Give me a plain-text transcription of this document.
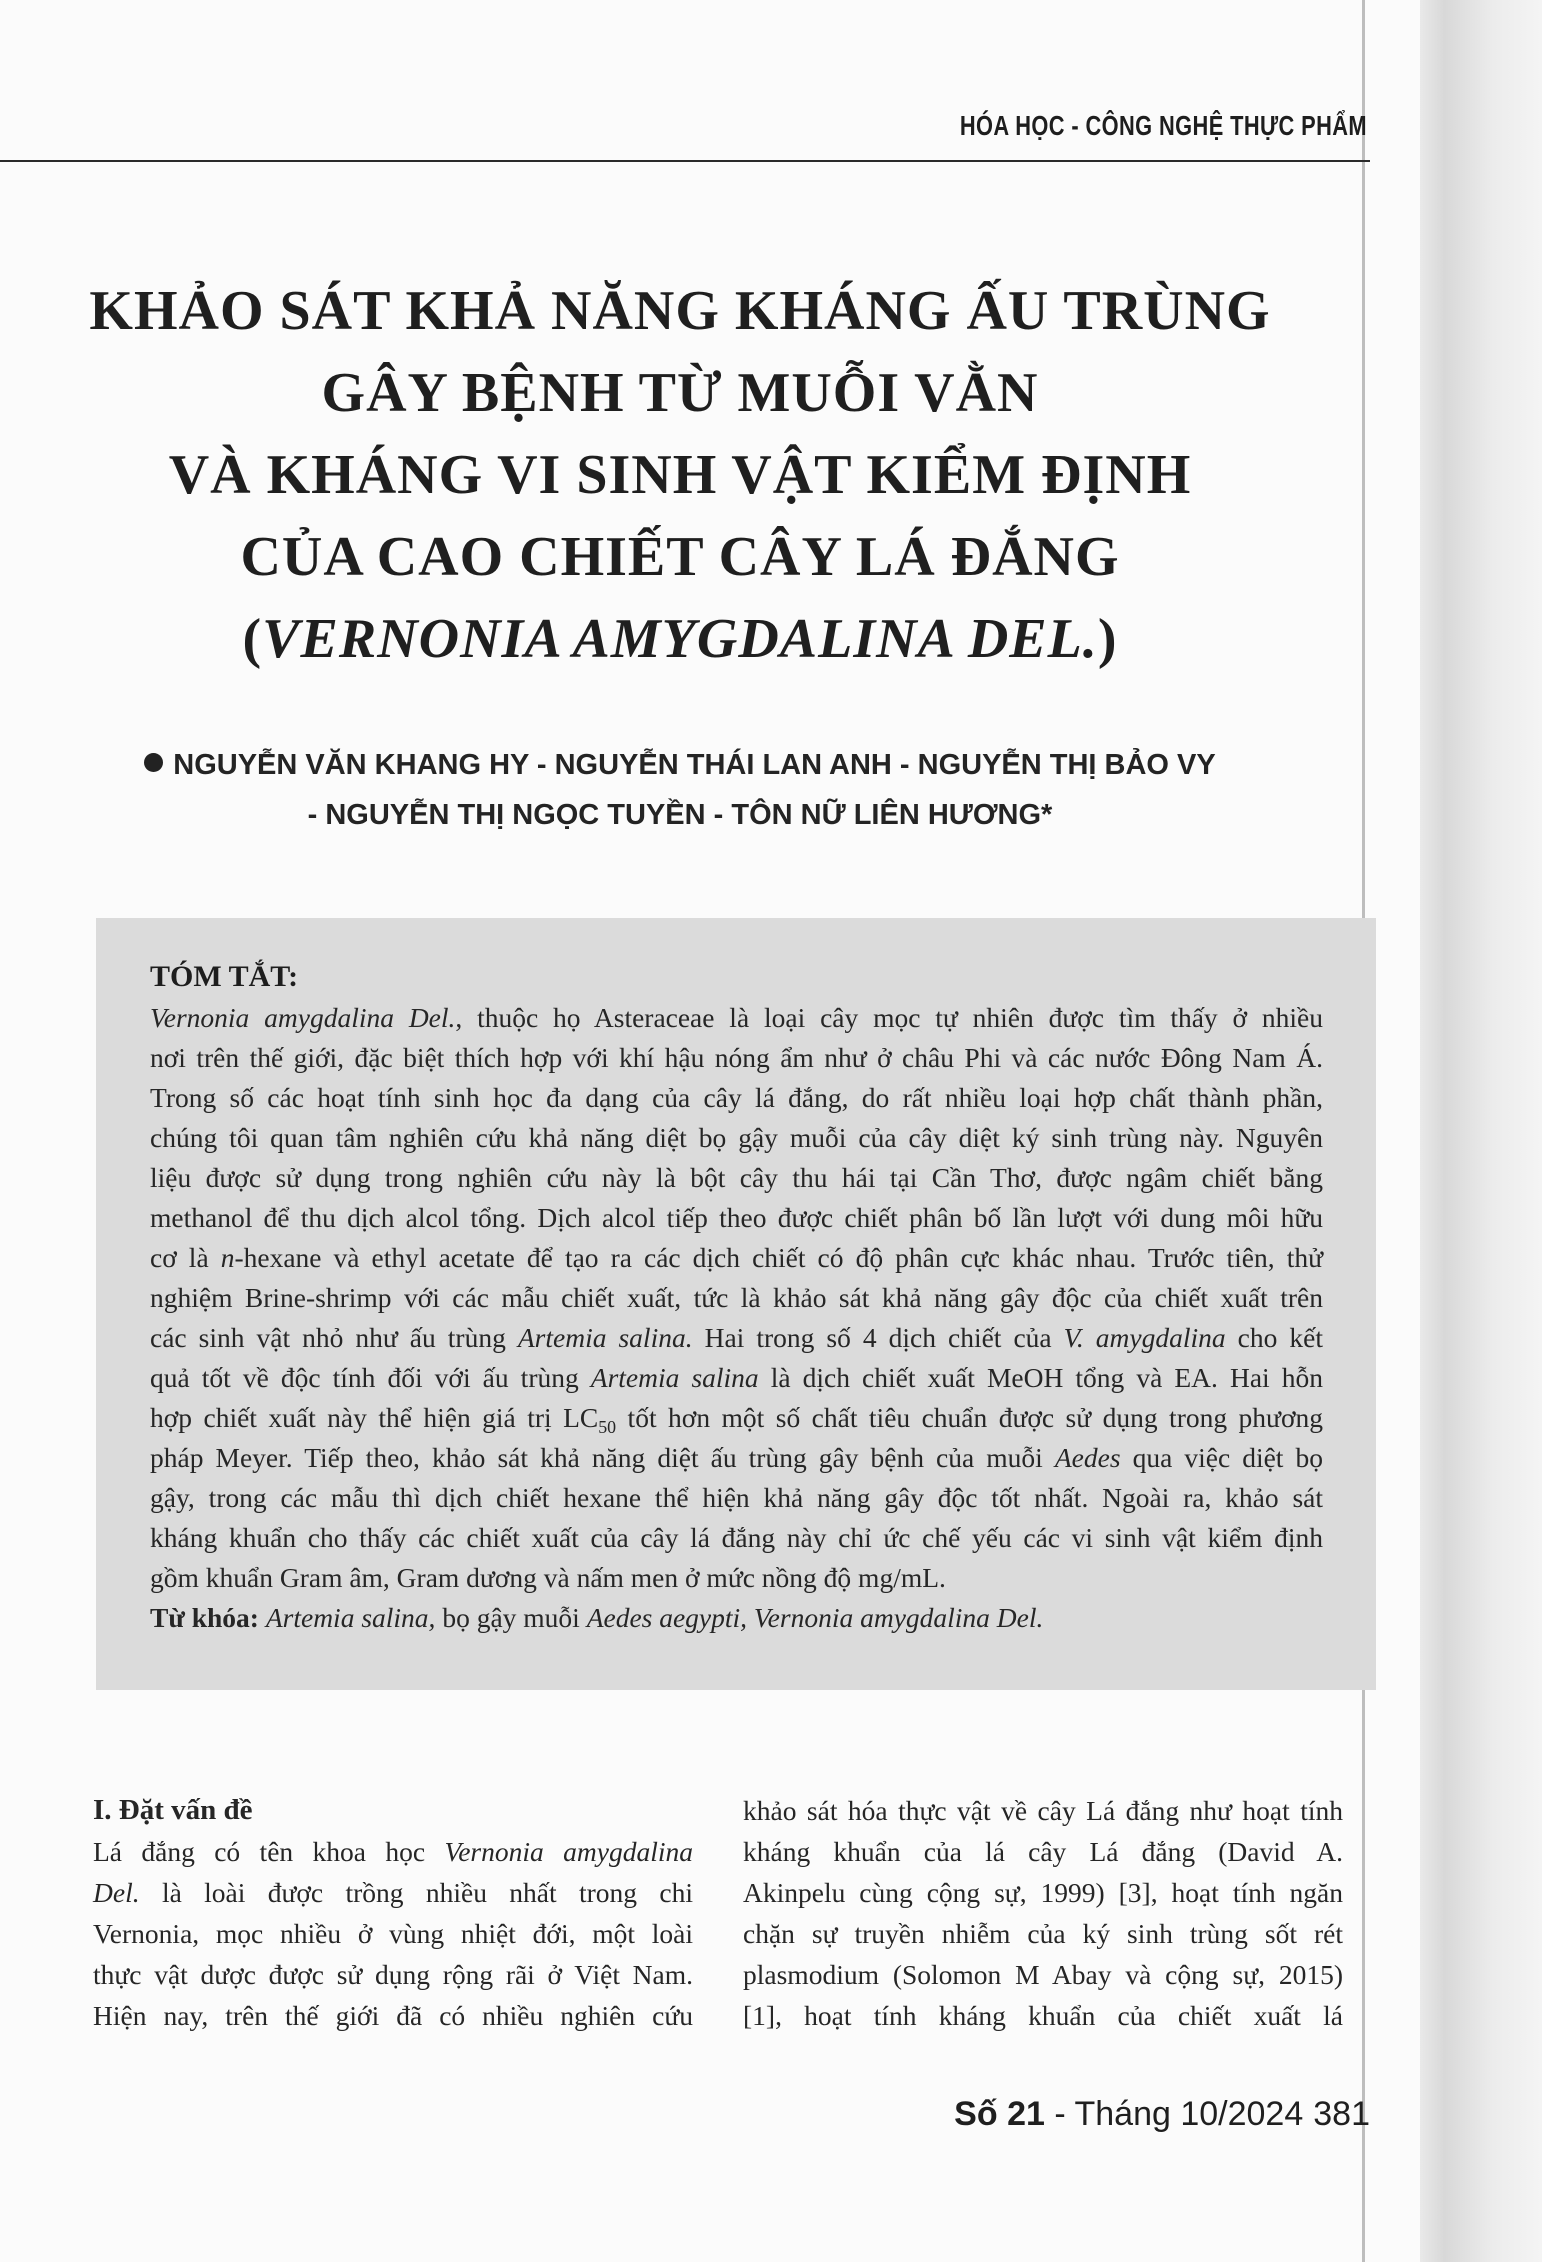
HÓA HỌC - CÔNG NGHỆ THỰC PHẨM
KHẢO SÁT KHẢ NĂNG KHÁNG ẤU TRÙNG
GÂY BỆNH TỪ MUỖI VẰN
VÀ KHÁNG VI SINH VẬT KIỂM ĐỊNH
CỦA CAO CHIẾT CÂY LÁ ĐẮNG
(VERNONIA AMYGDALINA DEL.)
NGUYỄN VĂN KHANG HY - NGUYỄN THÁI LAN ANH - NGUYỄN THỊ BẢO VY
- NGUYỄN THỊ NGỌC TUYỀN - TÔN NỮ LIÊN HƯƠNG*
TÓM TẮT:
Vernonia amygdalina Del., thuộc họ Asteraceae là loại cây mọc tự nhiên được tìm thấy ở nhiều
nơi trên thế giới, đặc biệt thích hợp với khí hậu nóng ẩm như ở châu Phi và các nước Đông Nam Á.
Trong số các hoạt tính sinh học đa dạng của cây lá đắng, do rất nhiều loại hợp chất thành phần,
chúng tôi quan tâm nghiên cứu khả năng diệt bọ gậy muỗi của cây diệt ký sinh trùng này. Nguyên
liệu được sử dụng trong nghiên cứu này là bột cây thu hái tại Cần Thơ, được ngâm chiết bằng
methanol để thu dịch alcol tổng. Dịch alcol tiếp theo được chiết phân bố lần lượt với dung môi hữu
cơ là n-hexane và ethyl acetate để tạo ra các dịch chiết có độ phân cực khác nhau. Trước tiên, thử
nghiệm Brine-shrimp với các mẫu chiết xuất, tức là khảo sát khả năng gây độc của chiết xuất trên
các sinh vật nhỏ như ấu trùng Artemia salina. Hai trong số 4 dịch chiết của V. amygdalina cho kết
quả tốt về độc tính đối với ấu trùng Artemia salina là dịch chiết xuất MeOH tổng và EA. Hai hỗn
hợp chiết xuất này thể hiện giá trị $LC_{50}$ tốt hơn một số chất tiêu chuẩn được sử dụng trong phương
pháp Meyer. Tiếp theo, khảo sát khả năng diệt ấu trùng gây bệnh của muỗi Aedes qua việc diệt bọ
gậy, trong các mẫu thì dịch chiết hexane thể hiện khả năng gây độc tốt nhất. Ngoài ra, khảo sát
kháng khuẩn cho thấy các chiết xuất của cây lá đắng này chỉ ức chế yếu các vi sinh vật kiểm định
gồm khuẩn Gram âm, Gram dương và nấm men ở mức nồng độ mg/mL.
Từ khóa: Artemia salina, bọ gậy muỗi Aedes aegypti, Vernonia amygdalina Del.
I. Đặt vấn đề
Lá đắng có tên khoa học Vernonia amygdalina
Del. là loài được trồng nhiều nhất trong chi
Vernonia, mọc nhiều ở vùng nhiệt đới, một loài
thực vật dược được sử dụng rộng rãi ở Việt Nam.
Hiện nay, trên thế giới đã có nhiều nghiên cứu
khảo sát hóa thực vật về cây Lá đắng như hoạt tính
kháng khuẩn của lá cây Lá đắng (David A.
Akinpelu cùng cộng sự, 1999) [3], hoạt tính ngăn
chặn sự truyền nhiễm của ký sinh trùng sốt rét
plasmodium (Solomon M Abay và cộng sự, 2015)
[1], hoạt tính kháng khuẩn của chiết xuất lá
Số 21 - Tháng 10/2024 381
